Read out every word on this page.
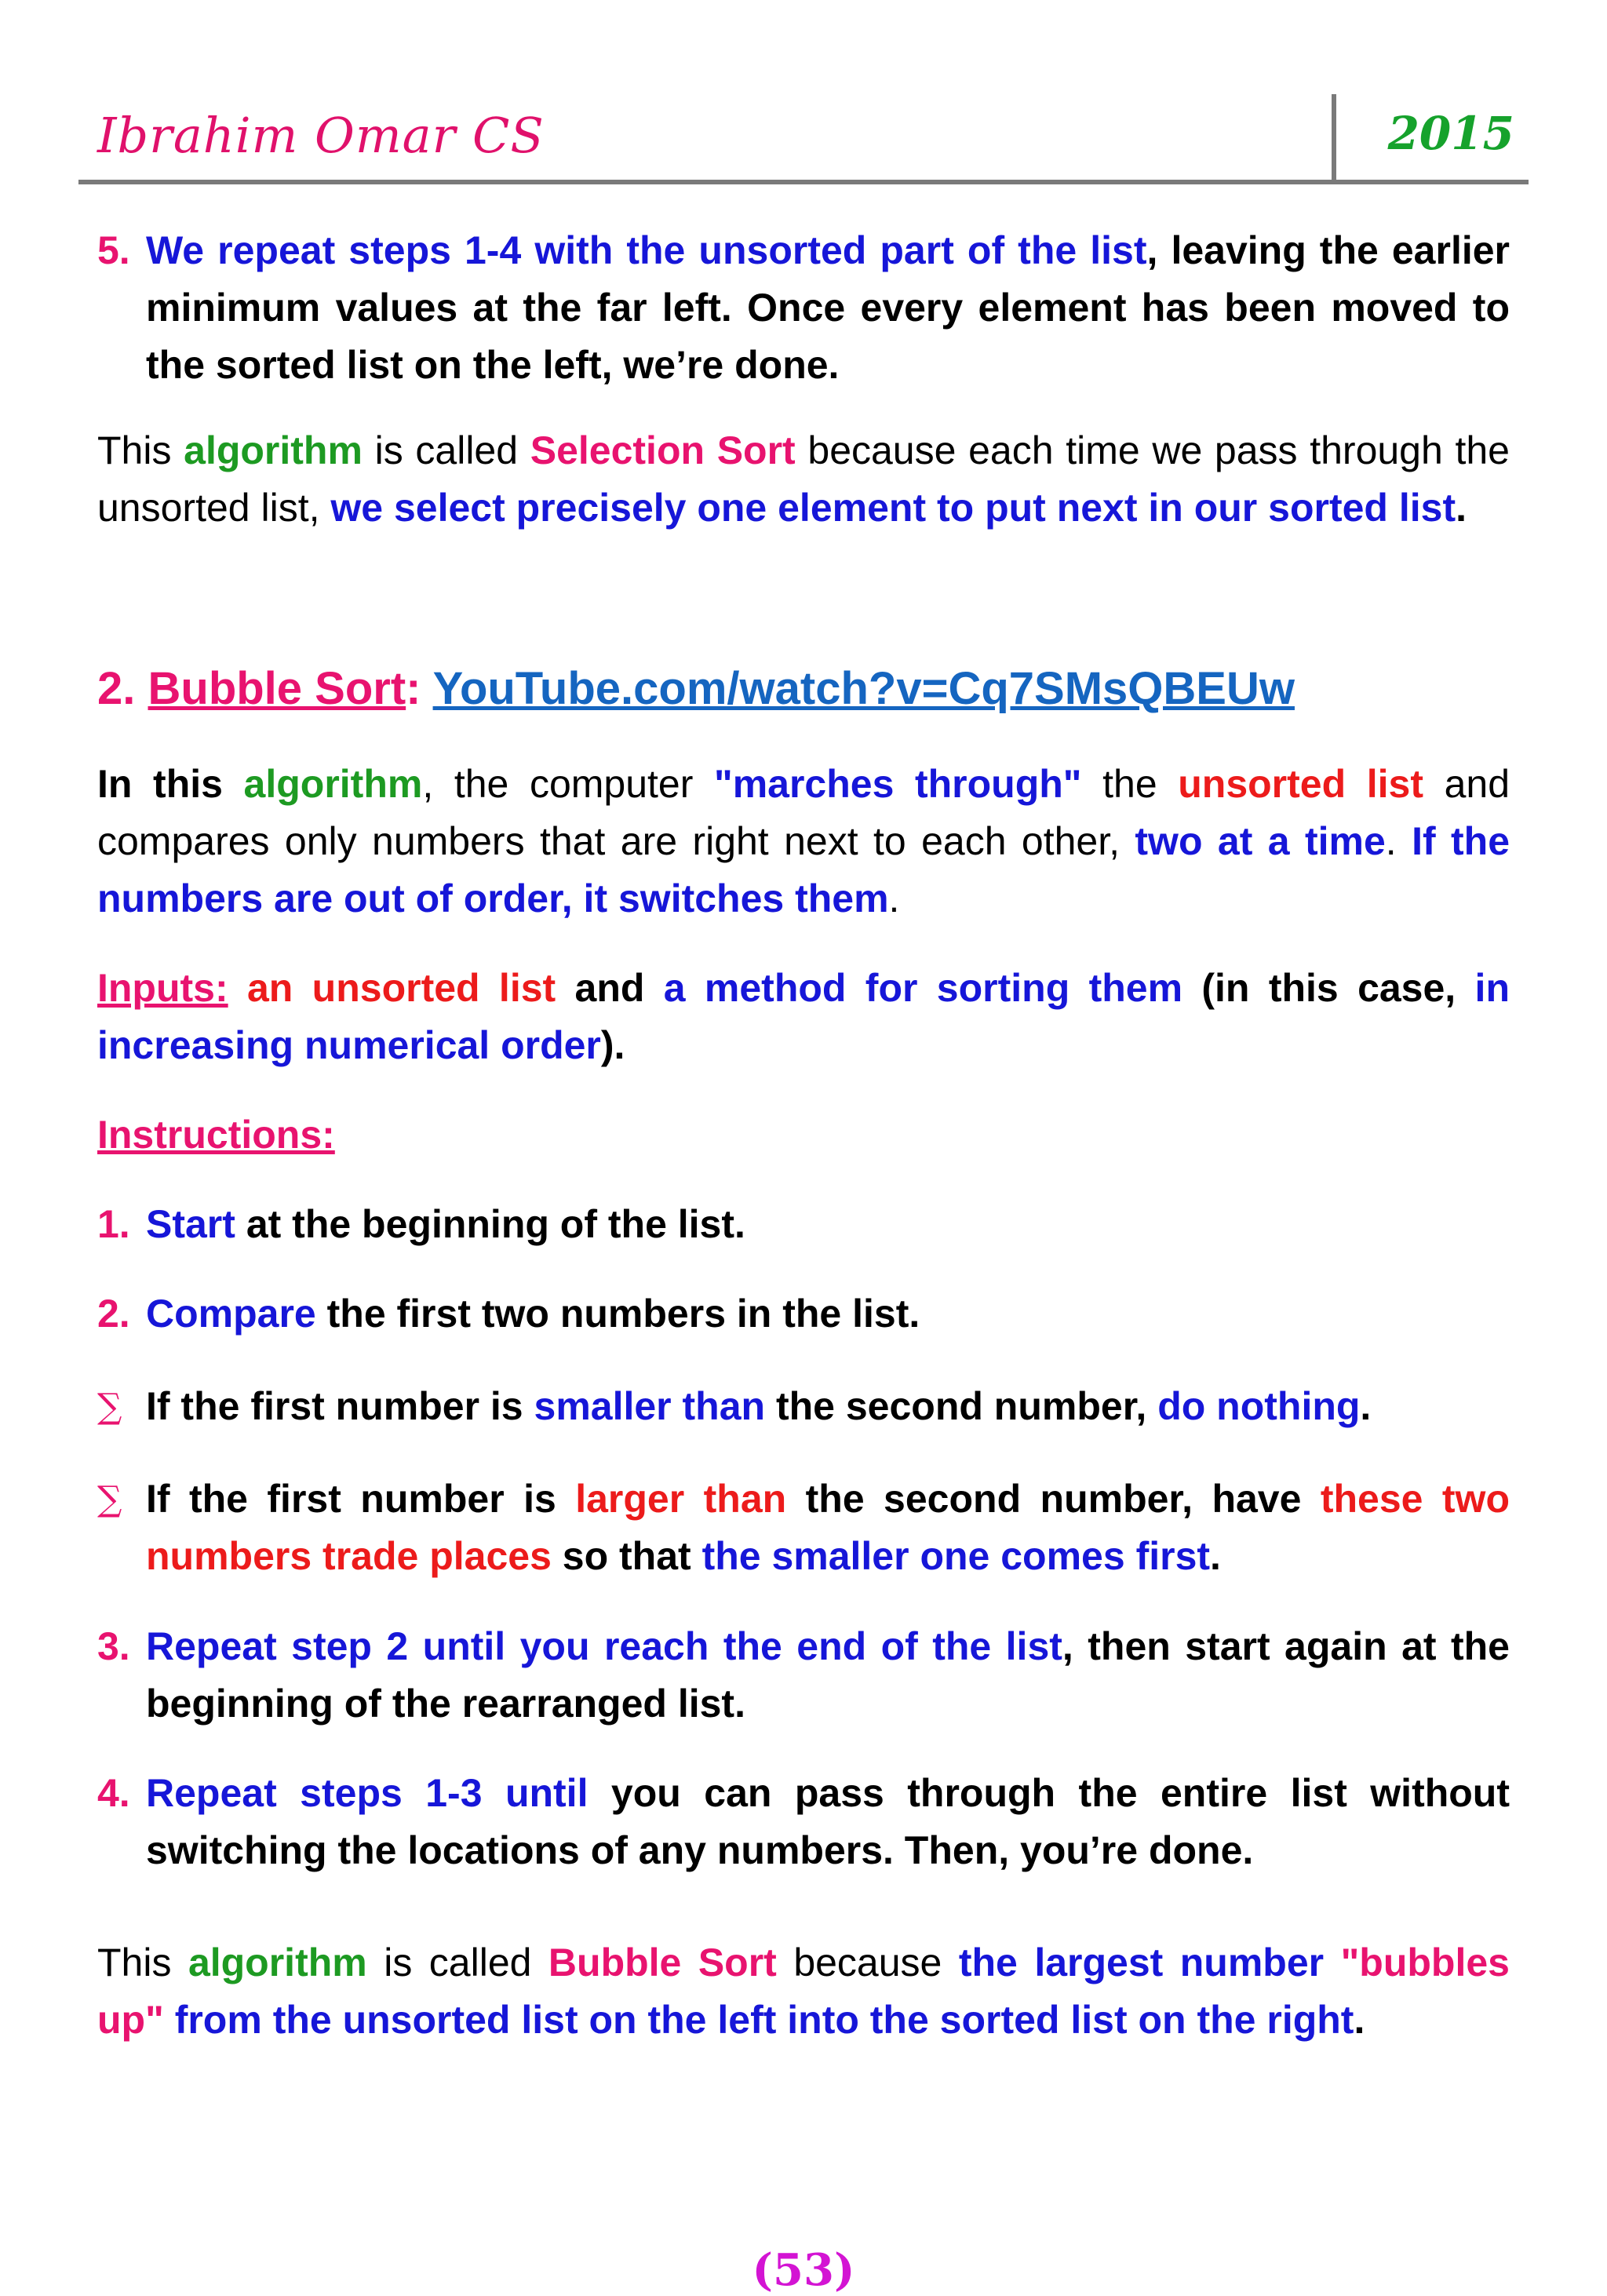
Ibrahim Omar CS	2015
5. We repeat steps 1-4 with the unsorted part of the list, leaving the earlier minimum values at the far left. Once every element has been moved to the sorted list on the left, we’re done.
This algorithm is called Selection Sort because each time we pass through the unsorted list, we select precisely one element to put next in our sorted list.
2. Bubble Sort: YouTube.com/watch?v=Cq7SMsQBEUw
In this algorithm, the computer "marches through" the unsorted list and compares only numbers that are right next to each other, two at a time. If the numbers are out of order, it switches them.
Inputs: an unsorted list and a method for sorting them (in this case, in increasing numerical order).
Instructions:
1. Start at the beginning of the list.
2. Compare the first two numbers in the list.
∑ If the first number is smaller than the second number, do nothing.
∑ If the first number is larger than the second number, have these two numbers trade places so that the smaller one comes first.
3. Repeat step 2 until you reach the end of the list, then start again at the beginning of the rearranged list.
4. Repeat steps 1-3 until you can pass through the entire list without switching the locations of any numbers. Then, you’re done.
This algorithm is called Bubble Sort because the largest number "bubbles up" from the unsorted list on the left into the sorted list on the right.
(53)
